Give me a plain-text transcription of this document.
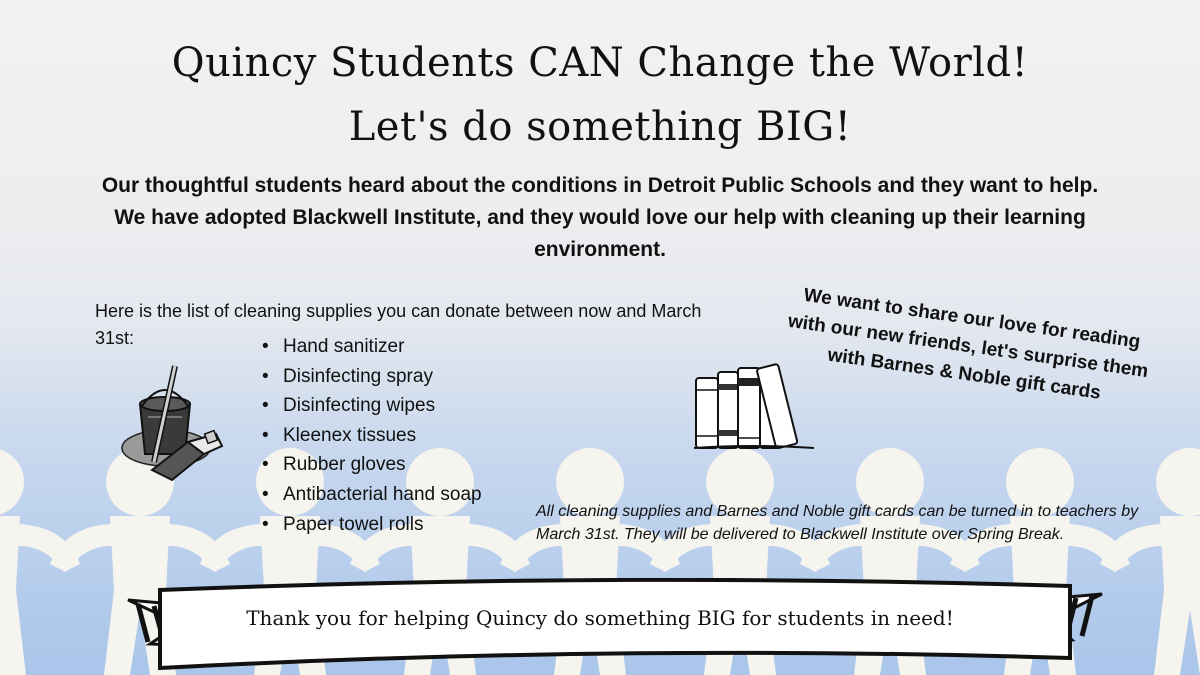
Quincy Students CAN Change the World!
Let's do something BIG!
Our thoughtful students heard about the conditions in Detroit Public Schools and they want to help. We have adopted Blackwell Institute, and they would love our help with cleaning up their learning environment.
Here is the list of cleaning supplies you can donate between now and March 31st:
•	Hand sanitizer
• Disinfecting spray
• Disinfecting wipes
• Kleenex tissues
• Rubber gloves
• Antibacterial hand soap
• Paper towel rolls
We want to share our love for reading with our new friends, let's surprise them with Barnes & Noble gift cards
All cleaning supplies and Barnes and Noble gift cards can be turned in to teachers by March 31st. They will be delivered to Blackwell Institute over Spring Break.
Thank you for helping Quincy do something BIG for students in need!
